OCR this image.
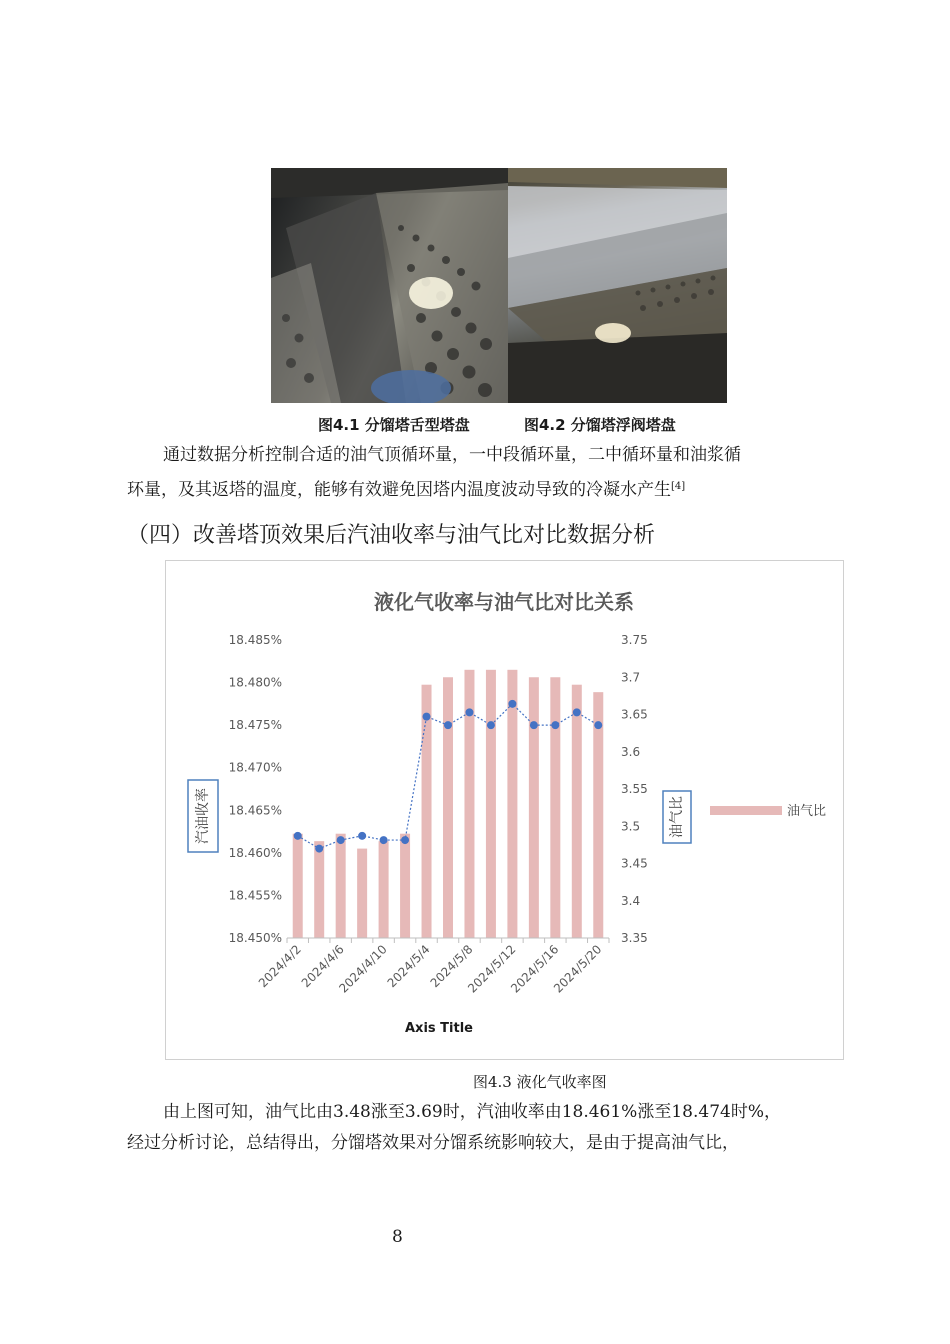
图4.1 分馏塔舌型塔盘	图4.2 分馏塔浮阀塔盘
通过数据分析控制合适的油气顶循环量，一中段循环量，二中循环量和油浆循
环量，及其返塔的温度，能够有效避免因塔内温度波动导致的冷凝水产生[4]
（四）改善塔顶效果后汽油收率与油气比对比数据分析
液化气收率与油气比对比关系
18.450%
18.455%
18.460%
18.465%
18.470%
18.475%
18.480%
18.485%
3.35
3.4
3.45
3.5
3.55
3.6
3.65
3.7
3.75
2024/4/2
2024/4/6
2024/4/10
2024/5/4
2024/5/8
2024/5/12
2024/5/16
2024/5/20
汽油收率	油气比	油气比
Axis Title
图4.3 液化气收率图
由上图可知，油气比由3.48涨至3.69时，汽油收率由18.461%涨至18.474时%，
经过分析讨论，总结得出，分馏塔效果对分馏系统影响较大，是由于提高油气比，
8
